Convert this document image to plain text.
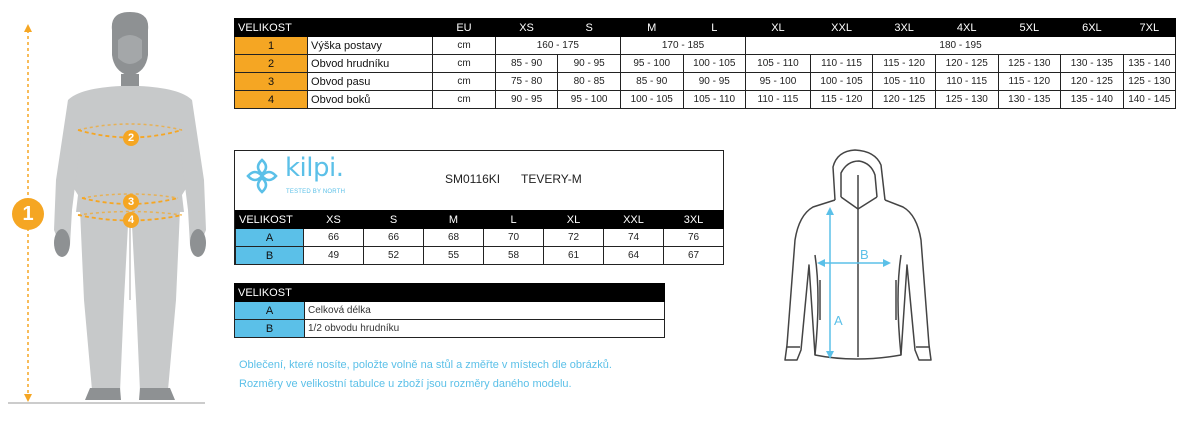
1
2
3
4
VELIKOST		EU	XS	S	M	L	XL	XXL	3XL	4XL	5XL	6XL	7XL
1	Výška postavy	cm	160 - 175		170 - 185		180 - 195						
2	Obvod hrudníku	cm	85 - 90	90 - 95	95 - 100	100 - 105	105 - 110	110 - 115	115 - 120	120 - 125	125 - 130	130 - 135	135 - 140
3	Obvod pasu	cm	75 - 80	80 - 85	85 - 90	90 - 95	95 - 100	100 - 105	105 - 110	110 - 115	115 - 120	120 - 125	125 - 130
4	Obvod boků	cm	90 - 95	95 - 100	100 - 105	105 - 110	110 - 115	115 - 120	120 - 125	125 - 130	130 - 135	135 - 140	140 - 145
kilpi.
TESTED BY NORTH
SM0116KI TEVERY-M
VELIKOST	XS	S	M	L	XL	XXL	3XL
A	66	66	68	70	72	74	76
B	49	52	55	58	61	64	67
VELIKOST	
A	Celková délka
B	1/2 obvodu hrudníku
Oblečení, které nosíte, položte volně na stůl a změřte v místech dle obrázků.
Rozměry ve velikostní tabulce u zboží jsou rozměry daného modelu.
A
B
